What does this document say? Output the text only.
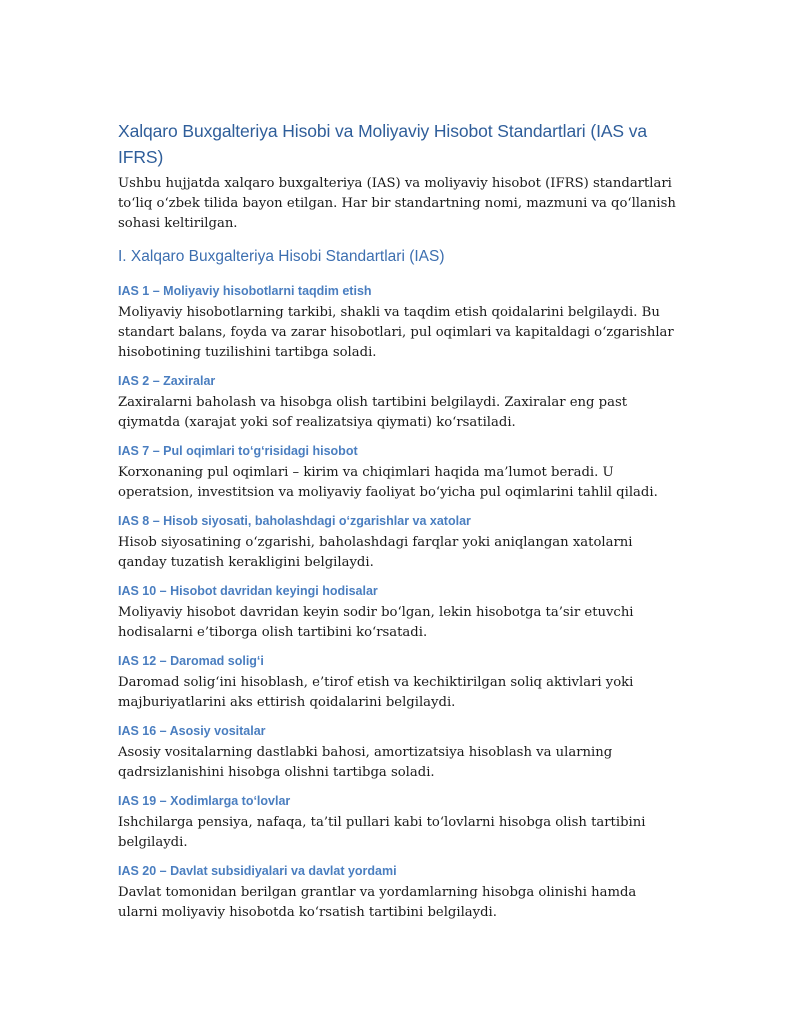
Xalqaro Buxgalteriya Hisobi va Moliyaviy Hisobot Standartlari (IAS va IFRS)

Ushbu hujjatda xalqaro buxgalteriya (IAS) va moliyaviy hisobot (IFRS) standartlari to‘liq o‘zbek tilida bayon etilgan. Har bir standartning nomi, mazmuni va qo‘llanish sohasi keltirilgan.

I. Xalqaro Buxgalteriya Hisobi Standartlari (IAS)
IAS 1 – Moliyaviy hisobotlarni taqdim etish

Moliyaviy hisobotlarning tarkibi, shakli va taqdim etish qoidalarini belgilaydi. Bu standart balans, foyda va zarar hisobotlari, pul oqimlari va kapitaldagi o‘zgarishlar hisobotining tuzilishini tartibga soladi.

IAS 2 – Zaxiralar

Zaxiralarni baholash va hisobga olish tartibini belgilaydi. Zaxiralar eng past qiymatda (xarajat yoki sof realizatsiya qiymati) ko‘rsatiladi.

IAS 7 – Pul oqimlari to‘g‘risidagi hisobot

Korxonaning pul oqimlari – kirim va chiqimlari haqida ma’lumot beradi. U operatsion, investitsion va moliyaviy faoliyat bo‘yicha pul oqimlarini tahlil qiladi.

IAS 8 – Hisob siyosati, baholashdagi o‘zgarishlar va xatolar

Hisob siyosatining o‘zgarishi, baholashdagi farqlar yoki aniqlangan xatolarni qanday tuzatish kerakligini belgilaydi.

IAS 10 – Hisobot davridan keyingi hodisalar

Moliyaviy hisobot davridan keyin sodir bo‘lgan, lekin hisobotga ta’sir etuvchi hodisalarni e’tiborga olish tartibini ko‘rsatadi.

IAS 12 – Daromad solig‘i

Daromad solig‘ini hisoblash, e’tirof etish va kechiktirilgan soliq aktivlari yoki majburiyatlarini aks ettirish qoidalarini belgilaydi.

IAS 16 – Asosiy vositalar

Asosiy vositalarning dastlabki bahosi, amortizatsiya hisoblash va ularning qadrsizlanishini hisobga olishni tartibga soladi.

IAS 19 – Xodimlarga to‘lovlar

Ishchilarga pensiya, nafaqa, ta’til pullari kabi to‘lovlarni hisobga olish tartibini belgilaydi.

IAS 20 – Davlat subsidiyalari va davlat yordami

Davlat tomonidan berilgan grantlar va yordamlarning hisobga olinishi hamda ularni moliyaviy hisobotda ko‘rsatish tartibini belgilaydi.
